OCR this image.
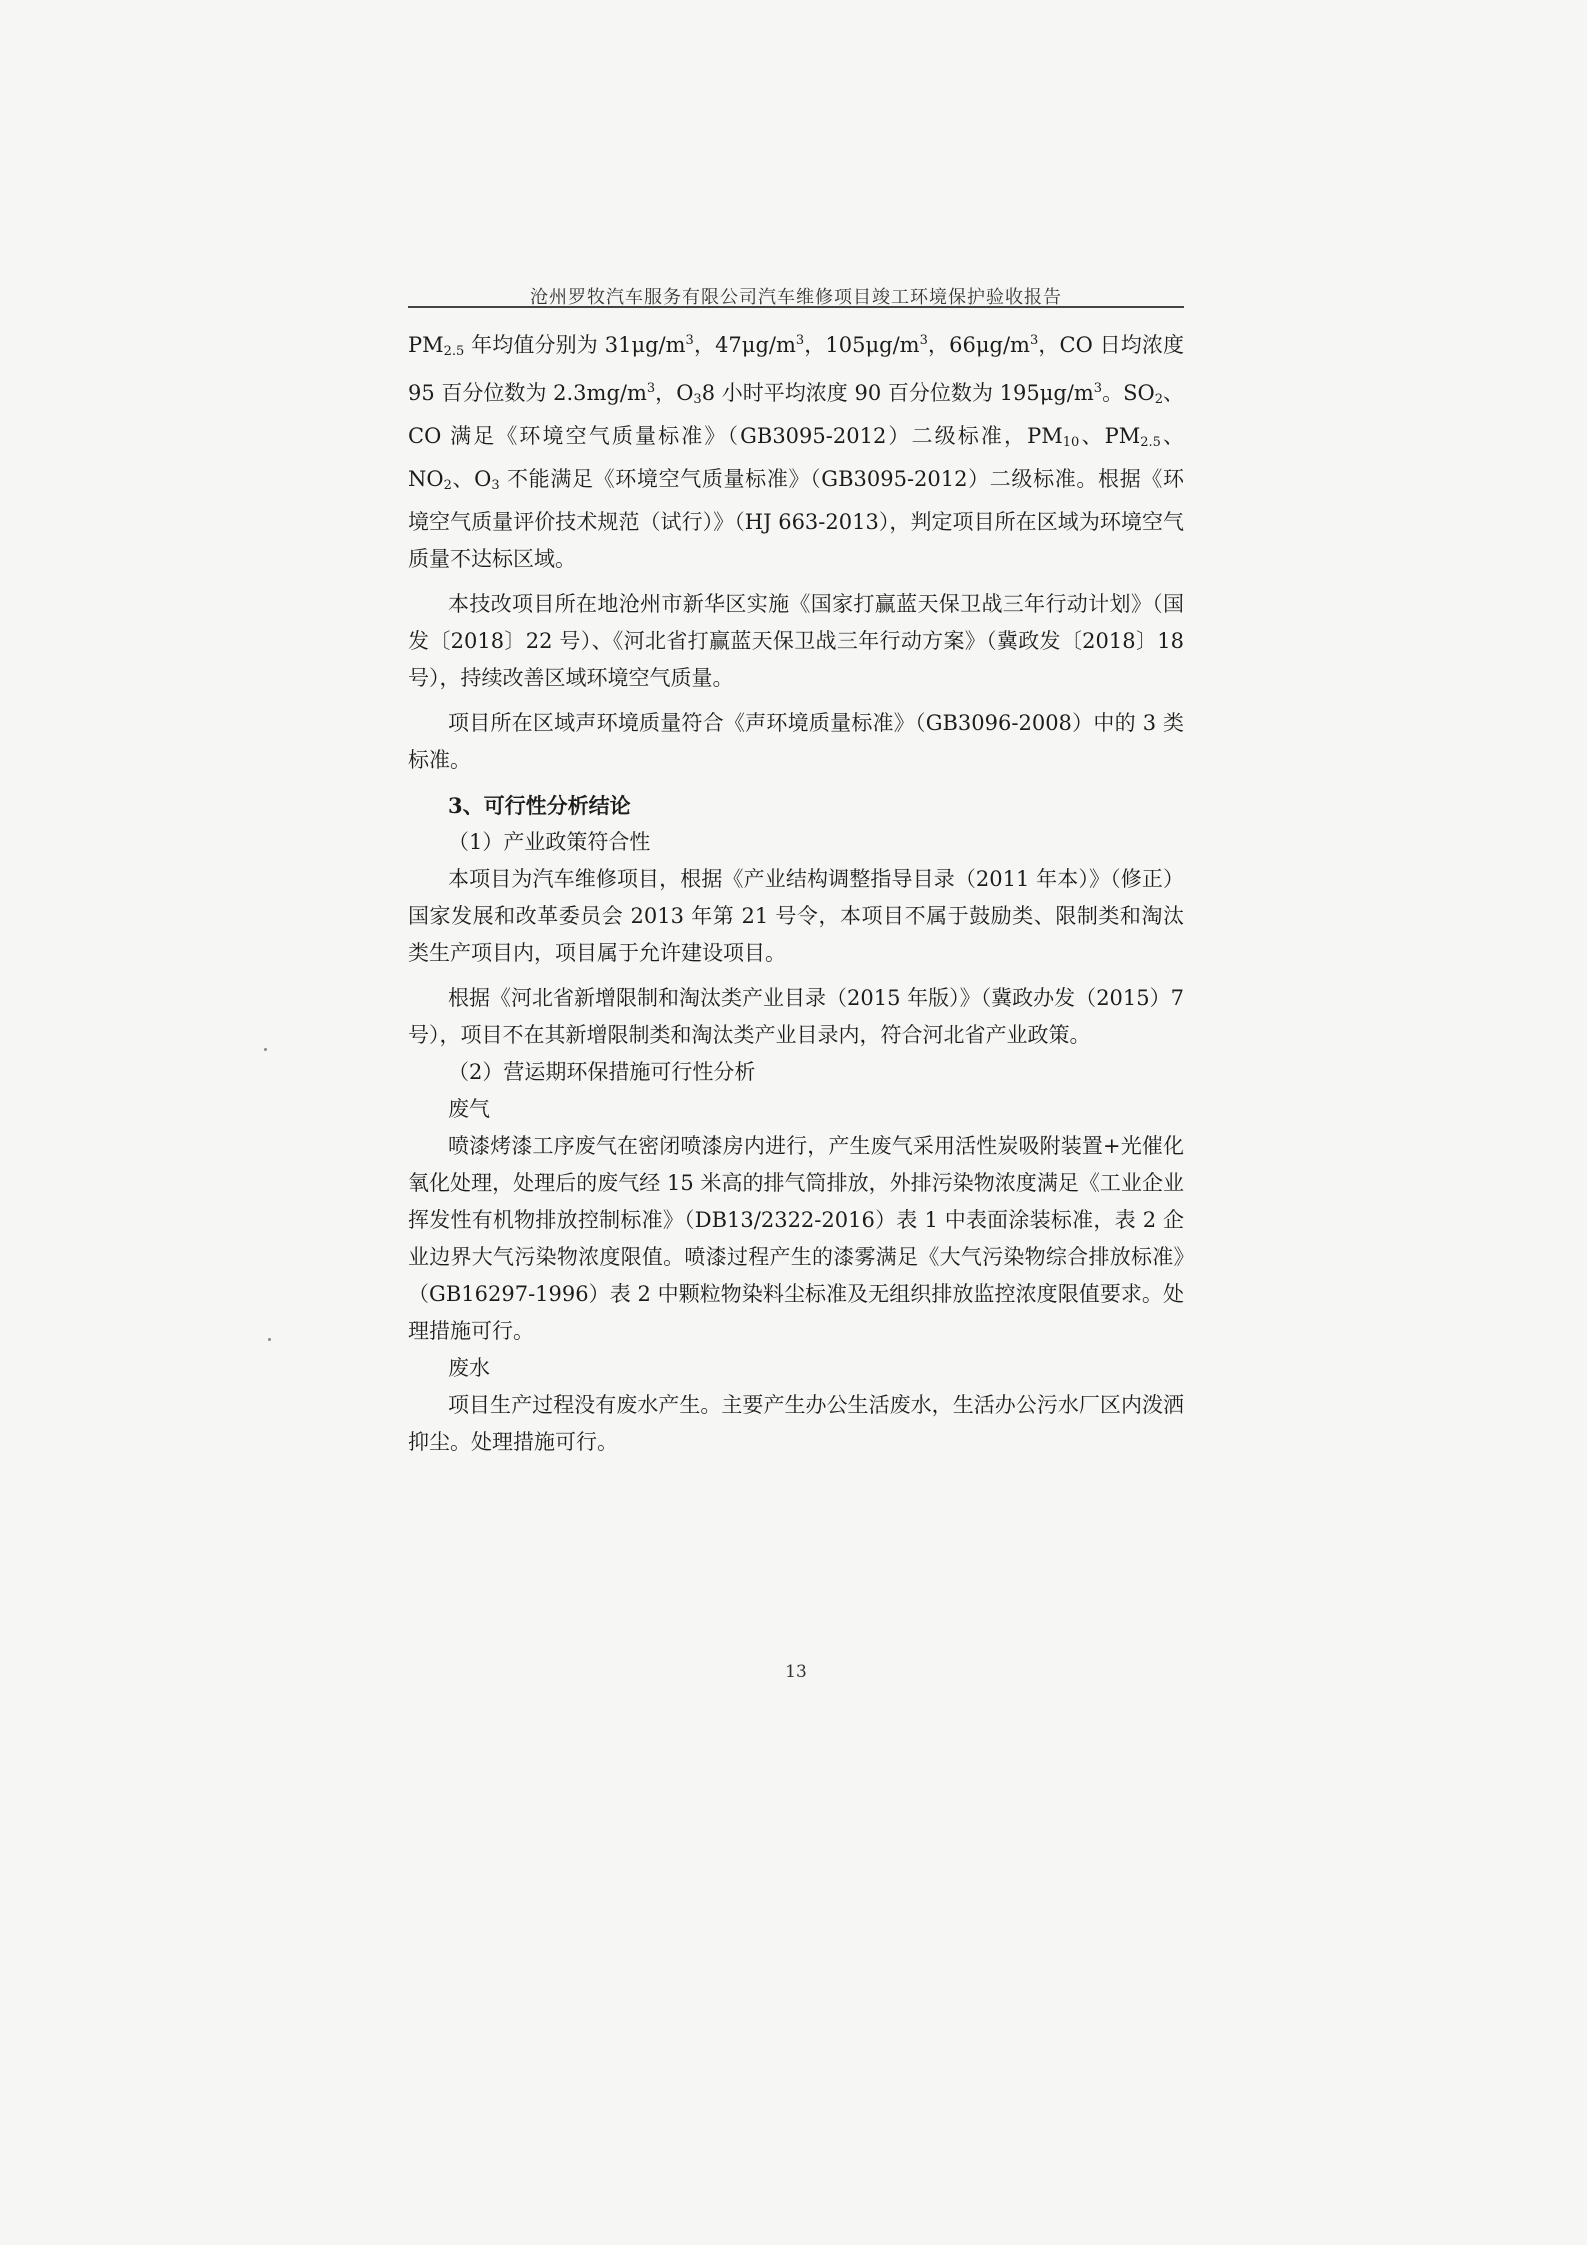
沧州罗牧汽车服务有限公司汽车维修项目竣工环境保护验收报告

$PM_{2.5}$ 年均值分别为 $31\mu g/m^3$，$47\mu g/m^3$，$105\mu g/m^3$，$66\mu g/m^3$，CO 日均浓度 95 百分位数为 $2.3mg/m^3$，$O_38$ 小时平均浓度 90 百分位数为 $195\mu g/m^3$。$SO_2$、CO 满足《环境空气质量标准》（GB3095-2012）二级标准，$PM_{10}$、$PM_{2.5}$、$NO_2$、$O_3$ 不能满足《环境空气质量标准》（GB3095-2012）二级标准。根据《环境空气质量评价技术规范（试行）》（HJ 663-2013），判定项目所在区域为环境空气质量不达标区域。

本技改项目所在地沧州市新华区实施《国家打赢蓝天保卫战三年行动计划》（国发〔2018〕22 号）、《河北省打赢蓝天保卫战三年行动方案》（冀政发〔2018〕18 号），持续改善区域环境空气质量。

项目所在区域声环境质量符合《声环境质量标准》（GB3096-2008）中的 3 类标准。

3、可行性分析结论

（1）产业政策符合性

本项目为汽车维修项目，根据《产业结构调整指导目录（2011 年本）》（修正）国家发展和改革委员会 2013 年第 21 号令，本项目不属于鼓励类、限制类和淘汰类生产项目内，项目属于允许建设项目。

根据《河北省新增限制和淘汰类产业目录（2015 年版）》（冀政办发（2015）7 号），项目不在其新增限制类和淘汰类产业目录内，符合河北省产业政策。

（2）营运期环保措施可行性分析

废气

喷漆烤漆工序废气在密闭喷漆房内进行，产生废气采用活性炭吸附装置+光催化氧化处理，处理后的废气经 15 米高的排气筒排放，外排污染物浓度满足《工业企业挥发性有机物排放控制标准》（DB13/2322-2016）表 1 中表面涂装标准，表 2 企业边界大气污染物浓度限值。喷漆过程产生的漆雾满足《大气污染物综合排放标准》（GB16297-1996）表 2 中颗粒物染料尘标准及无组织排放监控浓度限值要求。处理措施可行。

废水

项目生产过程没有废水产生。主要产生办公生活废水，生活办公污水厂区内泼洒抑尘。处理措施可行。

13
